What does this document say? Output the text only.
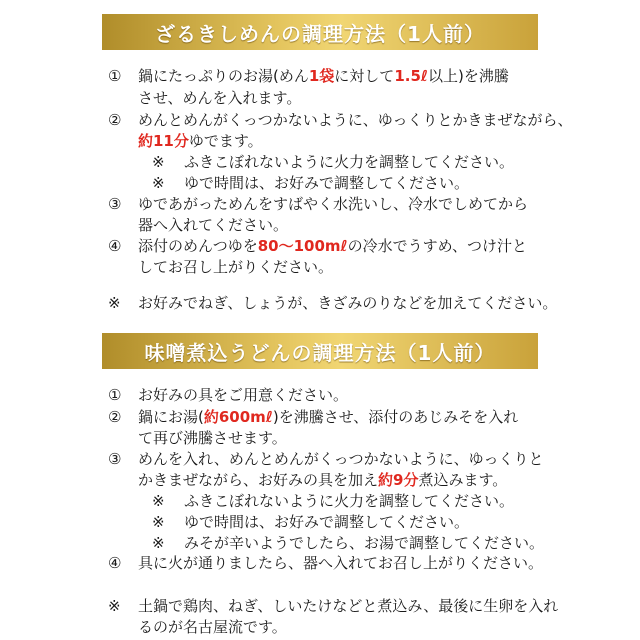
ざるきしめんの調理方法（1人前）
①	鍋にたっぷりのお湯(めん1袋に対して1.5ℓ以上)を沸騰
させ、めんを入れます。
②	めんとめんがくっつかないように、ゆっくりとかきまぜながら、
約11分ゆでます。
※ ふきこぼれないように火力を調整してください。
※ ゆで時間は、お好みで調整してください。
③	ゆであがっためんをすばやく水洗いし、冷水でしめてから
器へ入れてください。
④	添付のめんつゆを80〜100mℓの冷水でうすめ、つけ汁と
してお召し上がりください。
※ お好みでねぎ、しょうが、きざみのりなどを加えてください。
味噌煮込うどんの調理方法（1人前）
①	お好みの具をご用意ください。
②	鍋にお湯(約600mℓ)を沸騰させ、添付のあじみそを入れ
て再び沸騰させます。
③	めんを入れ、めんとめんがくっつかないように、ゆっくりと
かきまぜながら、お好みの具を加え約9分煮込みます。
※ ふきこぼれないように火力を調整してください。
※ ゆで時間は、お好みで調整してください。
※ みそが辛いようでしたら、お湯で調整してください。
④	具に火が通りましたら、器へ入れてお召し上がりください。
※ 土鍋で鶏肉、ねぎ、しいたけなどと煮込み、最後に生卵を入れ
るのが名古屋流です。
